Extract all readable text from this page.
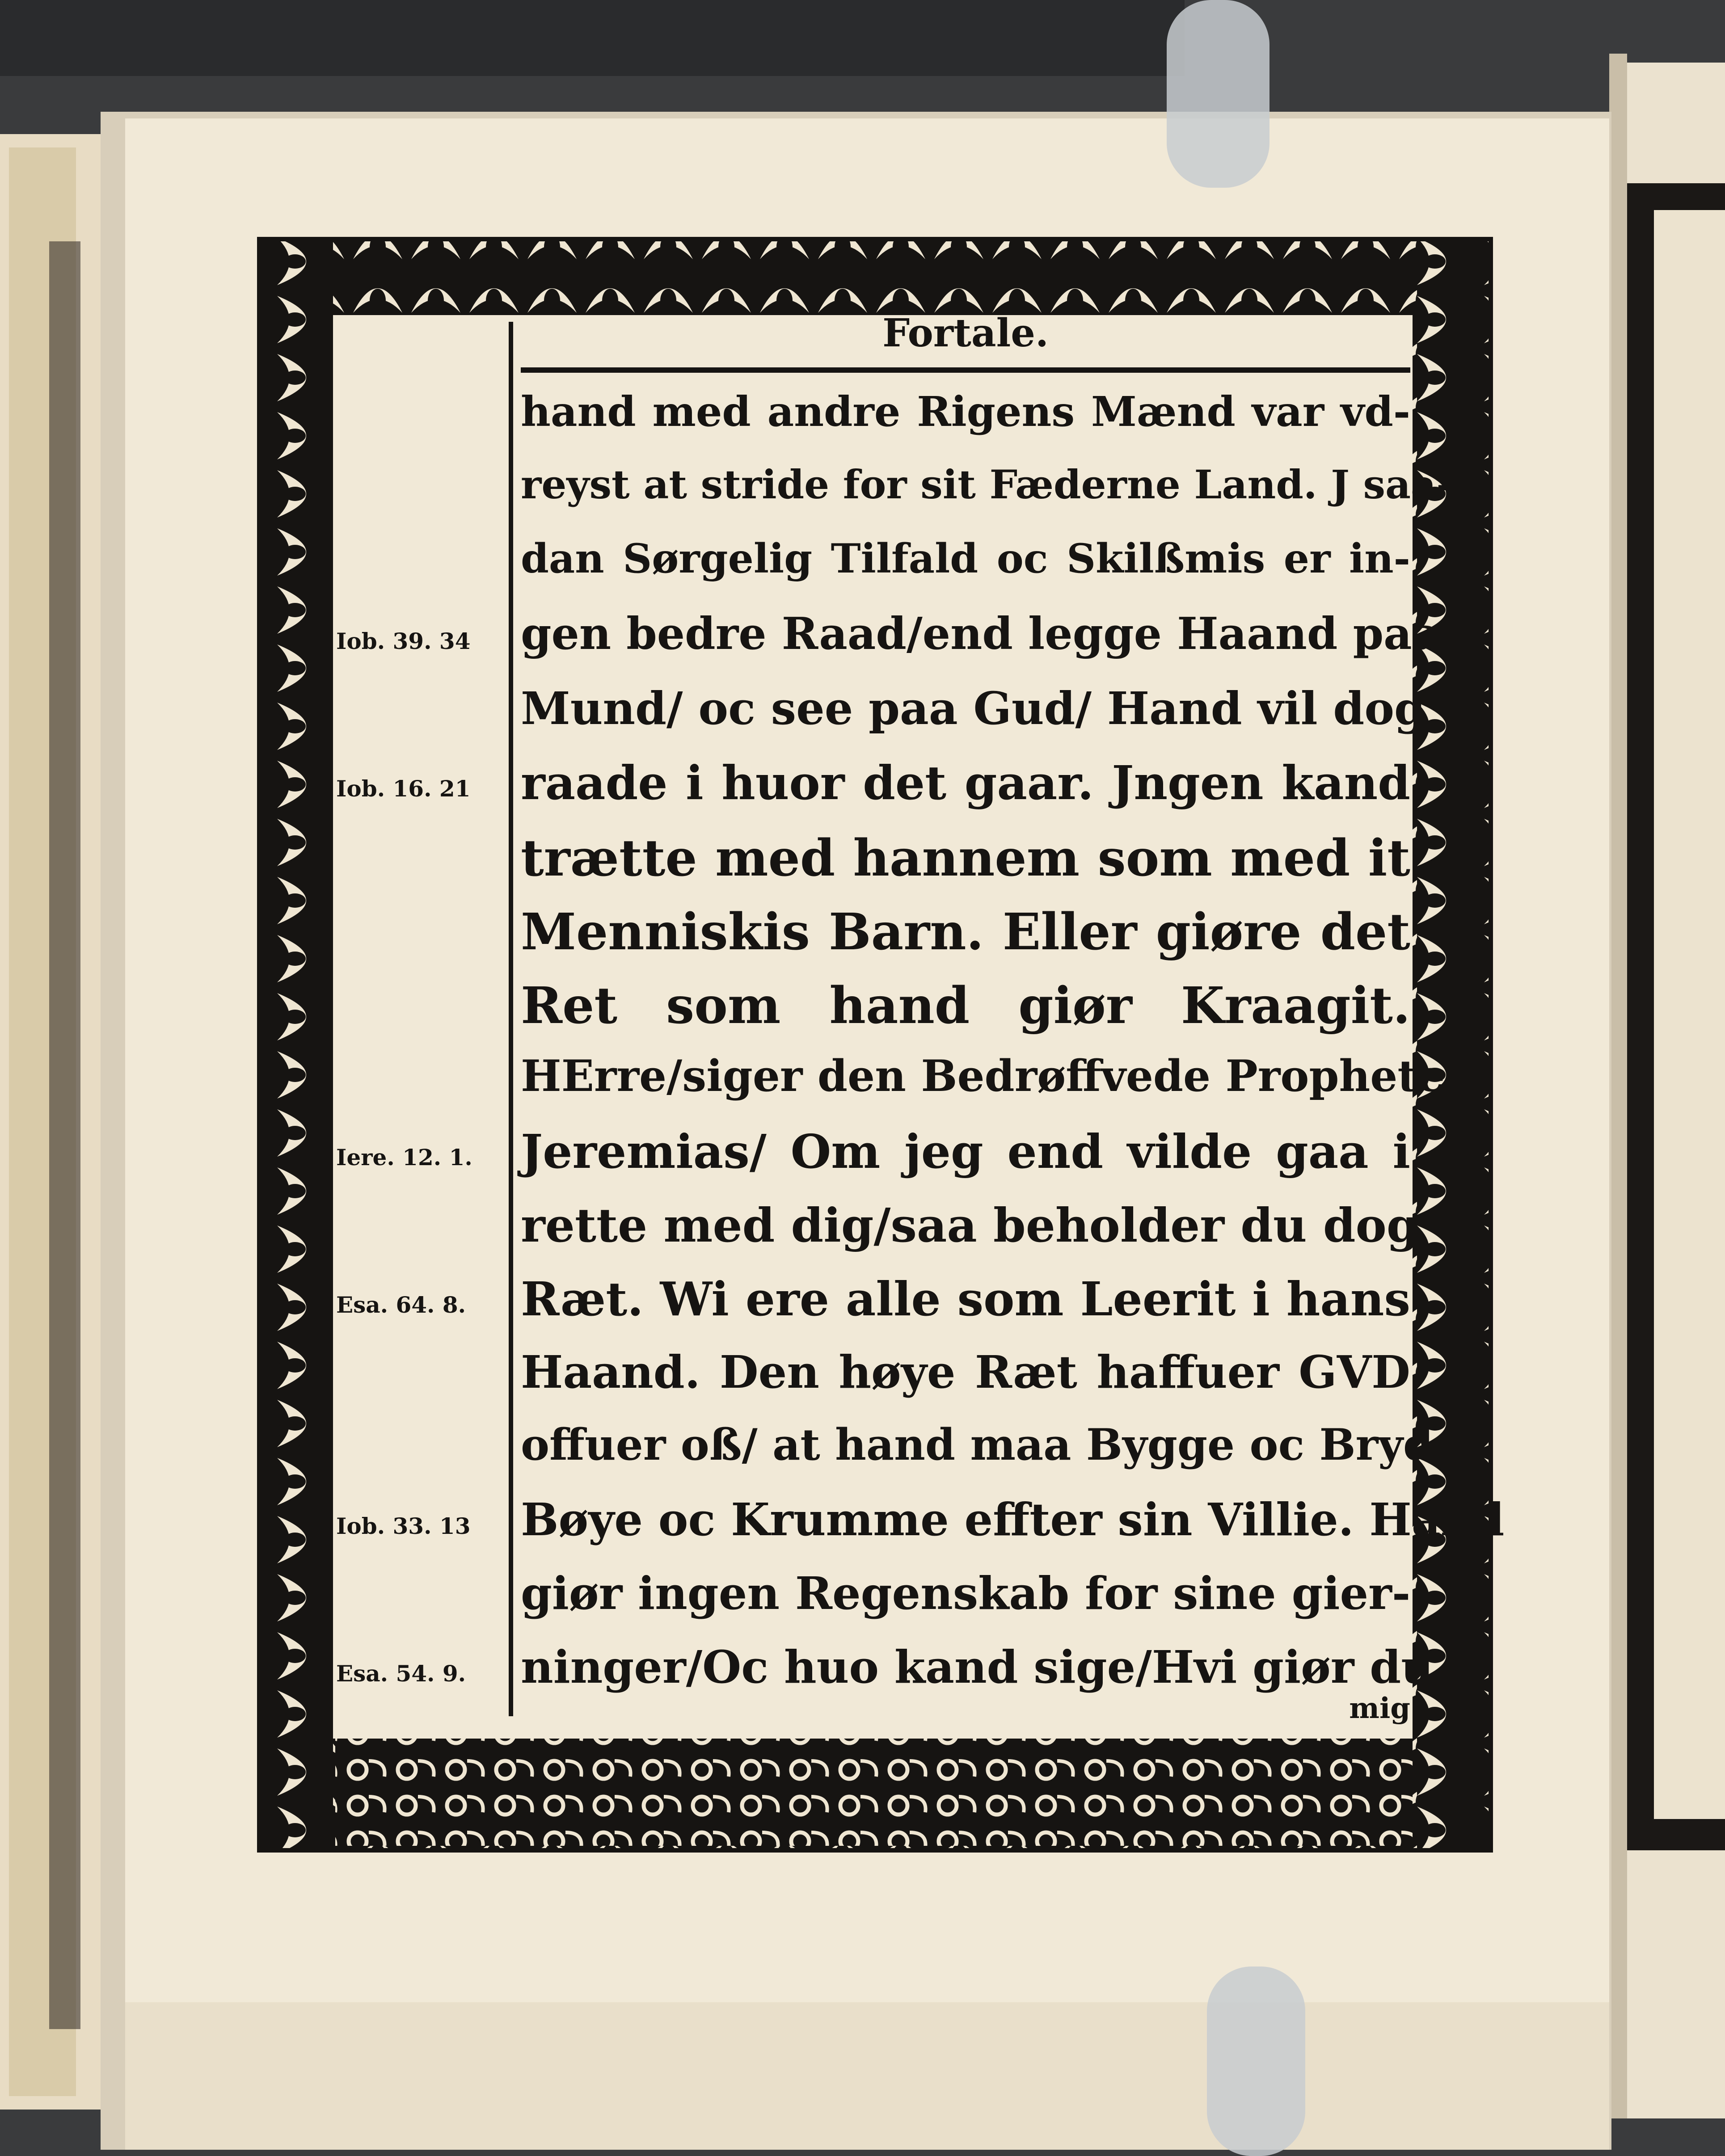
Fortale.
hand med andre Rigens Mænd var vd-
reyst at stride for sit Fæderne Land. J saa-
dan Sørgelig Tilfald oc Skilßmis er in-
gen bedre Raad/end legge Haand paa
Mund/ oc see paa Gud/ Hand vil dog
raade i huor det gaar. Jngen kand
trætte med hannem som med it
Menniskis Barn. Eller giøre det
Ret som hand giør Kraagit.
HErre/siger den Bedrøffvede Prophete
Jeremias/ Om jeg end vilde gaa i
rette med dig/saa beholder du dog
Ræt. Wi ere alle som Leerit i hans
Haand. Den høye Ræt haffuer GVD
offuer oß/ at hand maa Bygge oc Bryde
Bøye oc Krumme effter sin Villie. Hand
giør ingen Regenskab for sine gier-
ninger/Oc huo kand sige/Hvi giør du
Iob. 39. 34
Iob. 16. 21
Iere. 12. 1.
Esa. 64. 8.
Iob. 33. 13
Esa. 54. 9.
mig
